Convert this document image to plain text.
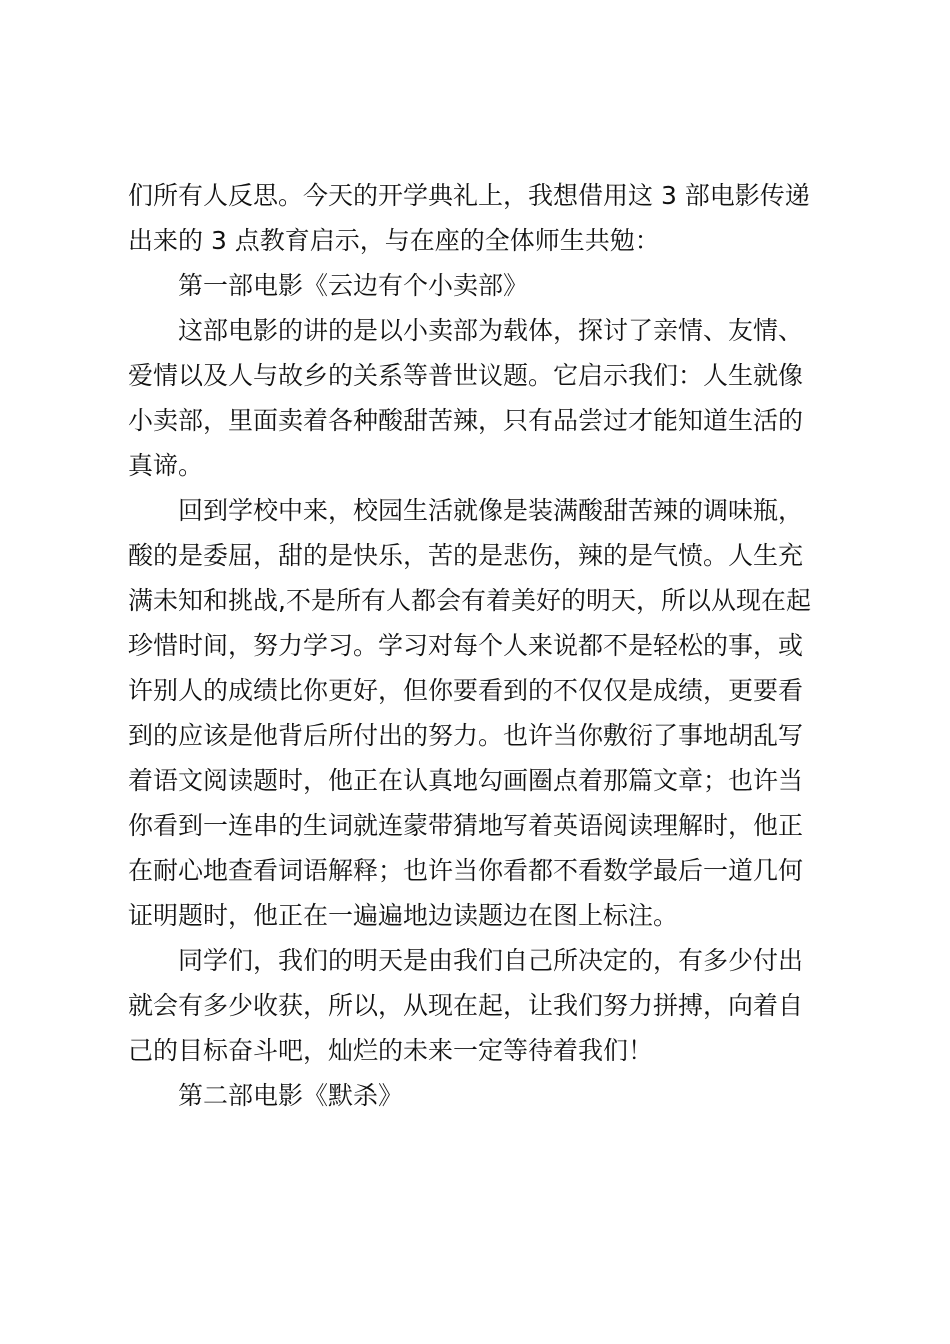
们所有人反思。今天的开学典礼上，我想借用这 3 部电影传递
出来的 3 点教育启示，与在座的全体师生共勉：

第一部电影《云边有个小卖部》

这部电影的讲的是以小卖部为载体，探讨了亲情、友情、
爱情以及人与故乡的关系等普世议题。它启示我们：人生就像
小卖部，里面卖着各种酸甜苦辣，只有品尝过才能知道生活的
真谛。

回到学校中来，校园生活就像是装满酸甜苦辣的调味瓶，
酸的是委屈，甜的是快乐，苦的是悲伤，辣的是气愤。人生充
满未知和挑战,不是所有人都会有着美好的明天，所以从现在起
珍惜时间，努力学习。学习对每个人来说都不是轻松的事，或
许别人的成绩比你更好，但你要看到的不仅仅是成绩，更要看
到的应该是他背后所付出的努力。也许当你敷衍了事地胡乱写
着语文阅读题时，他正在认真地勾画圈点着那篇文章；也许当
你看到一连串的生词就连蒙带猜地写着英语阅读理解时，他正
在耐心地查看词语解释；也许当你看都不看数学最后一道几何
证明题时，他正在一遍遍地边读题边在图上标注。

同学们，我们的明天是由我们自己所决定的，有多少付出
就会有多少收获，所以，从现在起，让我们努力拼搏，向着自
己的目标奋斗吧，灿烂的未来一定等待着我们！

第二部电影《默杀》
